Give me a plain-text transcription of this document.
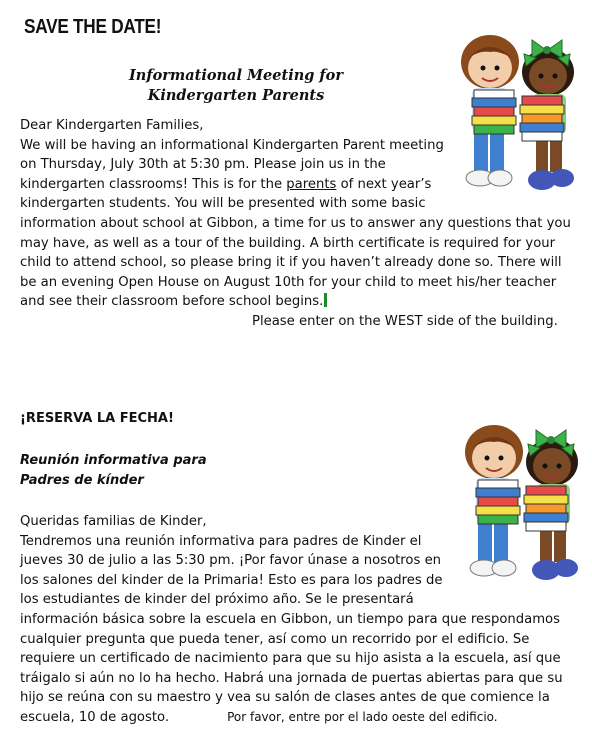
SAVE THE DATE!
Informational Meeting for
Kindergarten Parents
Dear Kindergarten Families,
We will be having an informational Kindergarten Parent meeting
on Thursday, July 30th at 5:30 pm. Please join us in the
kindergarten classrooms! This is for the parents of next year’s
kindergarten students. You will be presented with some basic
information about school at Gibbon, a time for us to answer any questions that you
may have, as well as a tour of the building. A birth certificate is required for your
child to attend school, so please bring it if you haven’t already done so. There will
be an evening Open House on August 10th for your child to meet his/her teacher
and see their classroom before school begins.
Please enter on the WEST side of the building.
¡RESERVA LA FECHA!
Reunión informativa para
Padres de kínder
Queridas familias de Kinder,
Tendremos una reunión informativa para padres de Kinder el
jueves 30 de julio a las 5:30 pm. ¡Por favor únase a nosotros en
los salones del kinder de la Primaria! Esto es para los padres de
los estudiantes de kinder del próximo año. Se le presentará
información básica sobre la escuela en Gibbon, un tiempo para que respondamos
cualquier pregunta que pueda tener, así como un recorrido por el edificio. Se
requiere un certificado de nacimiento para que su hijo asista a la escuela, así que
tráigalo si aún no lo ha hecho. Habrá una jornada de puertas abiertas para que su
hijo se reúna con su maestro y vea su salón de clases antes de que comience la
escuela, 10 de agosto.	Por favor, entre por el lado oeste del edificio.
